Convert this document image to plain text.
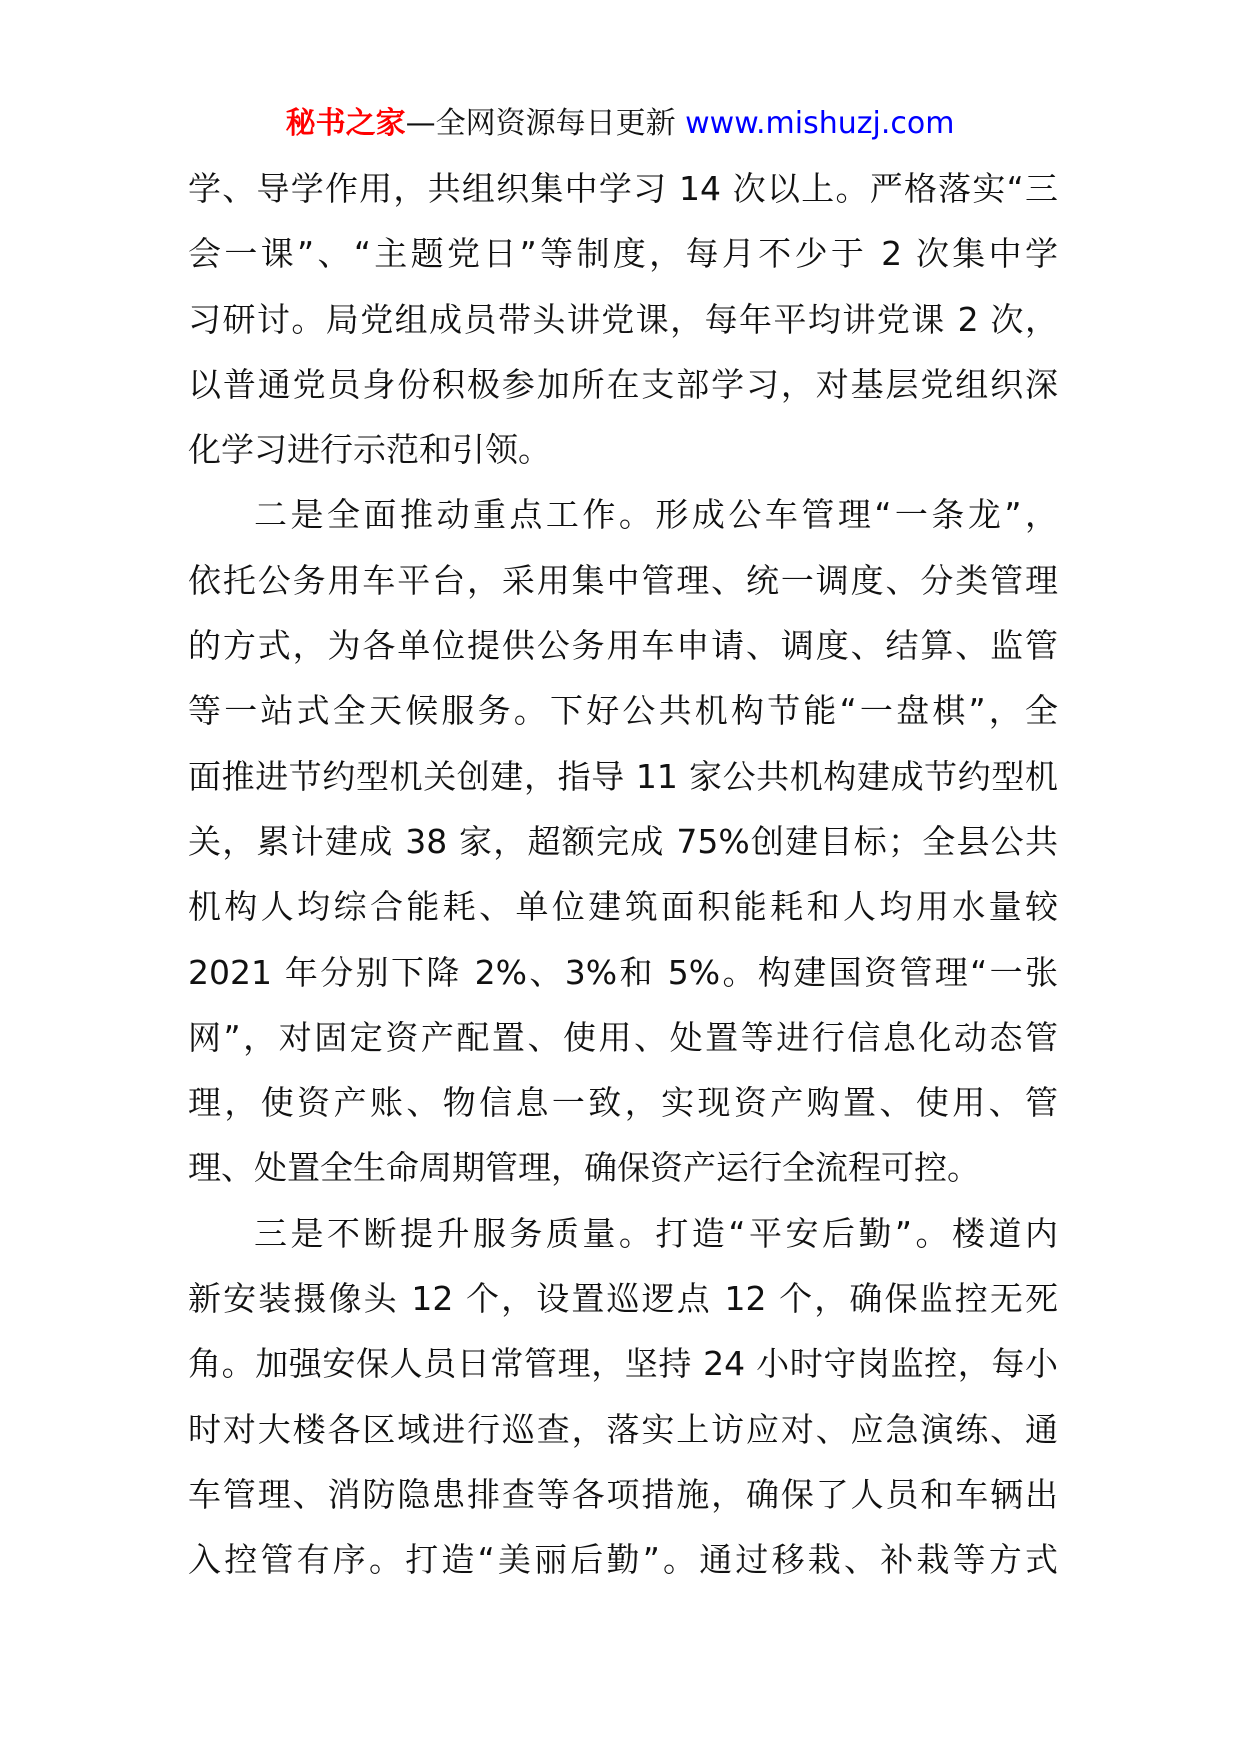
秘书之家—全网资源每日更新 www.mishuzj.com
学、导学作用，共组织集中学习 14 次以上。严格落实“三
会一课”、“主题党日”等制度，每月不少于 2 次集中学
习研讨。局党组成员带头讲党课，每年平均讲党课 2 次，
以普通党员身份积极参加所在支部学习，对基层党组织深
化学习进行示范和引领。
二是全面推动重点工作。形成公车管理“一条龙”，
依托公务用车平台，采用集中管理、统一调度、分类管理
的方式，为各单位提供公务用车申请、调度、结算、监管
等一站式全天候服务。下好公共机构节能“一盘棋”，全
面推进节约型机关创建，指导 11 家公共机构建成节约型机
关，累计建成 38 家，超额完成 75%创建目标；全县公共
机构人均综合能耗、单位建筑面积能耗和人均用水量较
2021 年分别下降 2%、3%和 5%。构建国资管理“一张
网”，对固定资产配置、使用、处置等进行信息化动态管
理，使资产账、物信息一致，实现资产购置、使用、管
理、处置全生命周期管理，确保资产运行全流程可控。
三是不断提升服务质量。打造“平安后勤”。楼道内
新安装摄像头 12 个，设置巡逻点 12 个，确保监控无死
角。加强安保人员日常管理，坚持 24 小时守岗监控，每小
时对大楼各区域进行巡查，落实上访应对、应急演练、通
车管理、消防隐患排查等各项措施，确保了人员和车辆出
入控管有序。打造“美丽后勤”。通过移栽、补栽等方式
